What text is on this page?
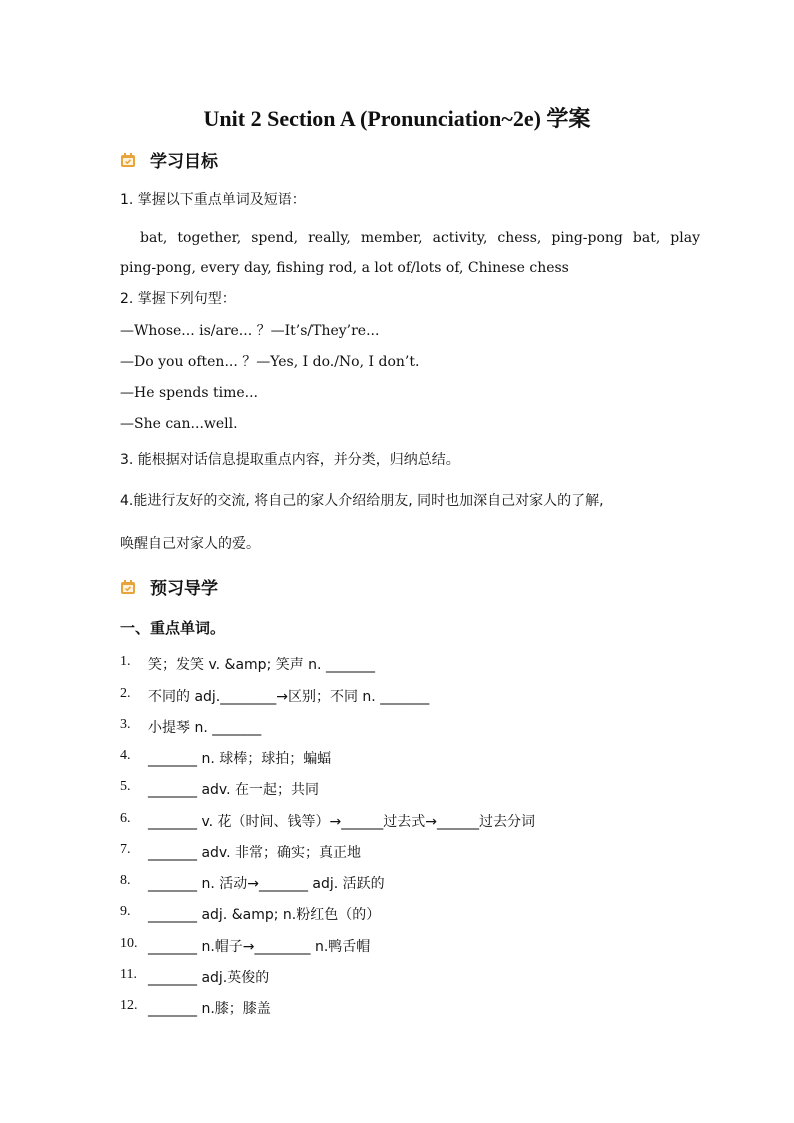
Unit 2 Section A (Pronunciation~2e) 学案
学习目标
1. 掌握以下重点单词及短语：
bat, together, spend, really, member, activity, chess, ping-pong bat, play
ping-pong, every day, fishing rod, a lot of/lots of, Chinese chess
2. 掌握下列句型：
—Whose... is/are... ？—It’s/They’re...
—Do you often... ？—Yes, I do./No, I don’t.
—He spends time...
—She can...well.
3. 能根据对话信息提取重点内容，并分类，归纳总结。
4.能进行友好的交流, 将自己的家人介绍给朋友, 同时也加深自己对家人的了解,
唤醒自己对家人的爱。
预习导学
一、重点单词。
1.	笑；发笑 v. &amp; 笑声 n. _______
2.	不同的 adj.________→区别；不同 n. _______
3.	小提琴 n. _______
4.	_______ n. 球棒；球拍；蝙蝠
5.	_______ adv. 在一起；共同
6.	_______ v. 花（时间、钱等）→______过去式→______过去分词
7.	_______ adv. 非常；确实；真正地
8.	_______ n. 活动→_______ adj. 活跃的
9.	_______ adj. &amp; n.粉红色（的）
10. _______ n.帽子→________ n.鸭舌帽
11. _______ adj.英俊的
12. _______ n.膝；膝盖
